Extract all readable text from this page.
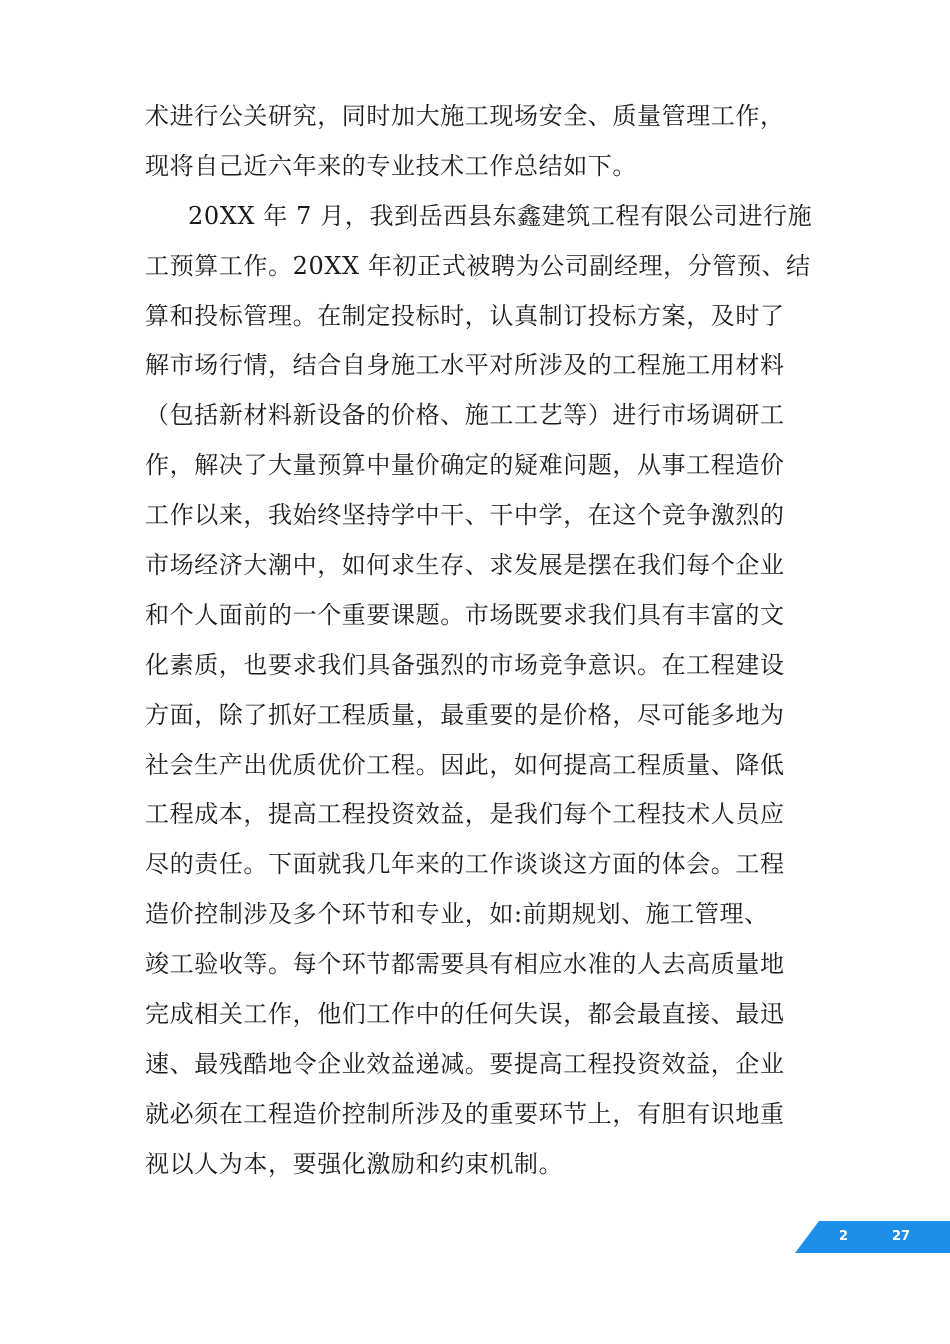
术进行公关研究，同时加大施工现场安全、质量管理工作，
现将自己近六年来的专业技术工作总结如下。
20XX 年 7 月，我到岳西县东鑫建筑工程有限公司进行施
工预算工作。20XX 年初正式被聘为公司副经理，分管预、结
算和投标管理。在制定投标时，认真制订投标方案，及时了
解市场行情，结合自身施工水平对所涉及的工程施工用材料
（包括新材料新设备的价格、施工工艺等）进行市场调研工
作，解决了大量预算中量价确定的疑难问题，从事工程造价
工作以来，我始终坚持学中干、干中学，在这个竞争激烈的
市场经济大潮中，如何求生存、求发展是摆在我们每个企业
和个人面前的一个重要课题。市场既要求我们具有丰富的文
化素质，也要求我们具备强烈的市场竞争意识。在工程建设
方面，除了抓好工程质量，最重要的是价格，尽可能多地为
社会生产出优质优价工程。因此，如何提高工程质量、降低
工程成本，提高工程投资效益，是我们每个工程技术人员应
尽的责任。下面就我几年来的工作谈谈这方面的体会。工程
造价控制涉及多个环节和专业，如:前期规划、施工管理、
竣工验收等。每个环节都需要具有相应水准的人去高质量地
完成相关工作，他们工作中的任何失误，都会最直接、最迅
速、最残酷地令企业效益递减。要提高工程投资效益，企业
就必须在工程造价控制所涉及的重要环节上，有胆有识地重
视以人为本，要强化激励和约束机制。
2	27
